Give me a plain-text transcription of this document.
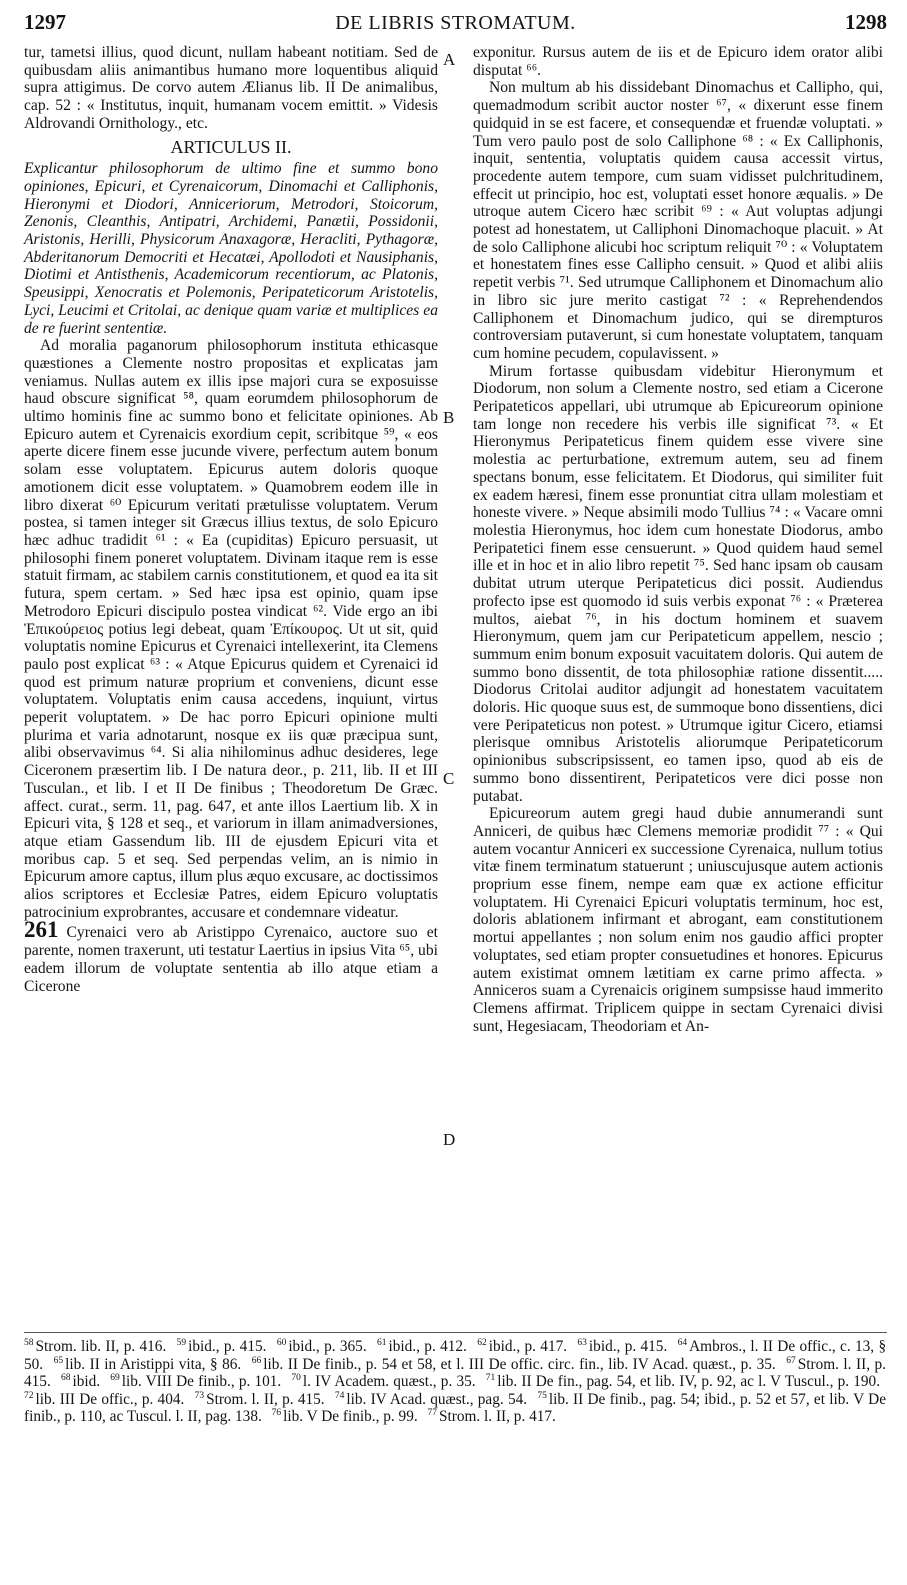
1297	DE LIBRIS STROMATUM.	1298

tur, tametsi illius, quod dicunt, nullam habeant notitiam. Sed de quibusdam aliis animantibus humano more loquentibus aliquid supra attigimus. De corvo autem Ælianus lib. II De animalibus, cap. 52 : « Institutus, inquit, humanam vocem emittit. » Videsis Aldrovandi Ornithology., etc.

ARTICULUS II.

Explicantur philosophorum de ultimo fine et summo bono opiniones, Epicuri, et Cyrenaicorum, Dinomachi et Calliphonis, Hieronymi et Diodori, Anniceriorum, Metrodori, Stoicorum, Zenonis, Cleanthis, Antipatri, Archidemi, Panætii, Possidonii, Aristonis, Herilli, Physicorum Anaxagoræ, Heracliti, Pythagoræ, Abderitanorum Democriti et Hecatæi, Apollodoti et Nausiphanis, Diotimi et Antisthenis, Academicorum recentiorum, ac Platonis, Speusippi, Xenocratis et Polemonis, Peripateticorum Aristotelis, Lyci, Leucimi et Critolai, ac denique quam variæ et multiplices ea de re fuerint sententiæ.

Ad moralia paganorum philosophorum instituta ethicasque quæstiones a Clemente nostro propositas et explicatas jam veniamus. Nullas autem ex illis ipse majori cura se exposuisse haud obscure significat ⁵⁸, quam eorumdem philosophorum de ultimo hominis fine ac summo bono et felicitate opiniones. Ab Epicuro autem et Cyrenaicis exordium cepit, scribitque ⁵⁹, « eos aperte dicere finem esse jucunde vivere, perfectum autem bonum solam esse voluptatem. Epicurus autem doloris quoque amotionem dicit esse voluptatem. » Quamobrem eodem ille in libro dixerat ⁶⁰ Epicurum veritati prætulisse voluptatem. Verum postea, si tamen integer sit Græcus illius textus, de solo Epicuro hæc adhuc tradidit ⁶¹ : « Ea (cupiditas) Epicuro persuasit, ut philosophi finem poneret voluptatem. Divinam itaque rem is esse statuit firmam, ac stabilem carnis constitutionem, et quod ea ita sit futura, spem certam. » Sed hæc ipsa est opinio, quam ipse Metrodoro Epicuri discipulo postea vindicat ⁶². Vide ergo an ibi Ἐπικούρειος potius legi debeat, quam Ἐπίκουρος. Ut ut sit, quid voluptatis nomine Epicurus et Cyrenaici intellexerint, ita Clemens paulo post explicat ⁶³ : « Atque Epicurus quidem et Cyrenaici id quod est primum naturæ proprium et conveniens, dicunt esse voluptatem. Voluptatis enim causa accedens, inquiunt, virtus peperit voluptatem. » De hac porro Epicuri opinione multi plurima et varia adnotarunt, nosque ex iis quæ præcipua sunt, alibi observavimus ⁶⁴. Si alia nihilominus adhuc desideres, lege Ciceronem præsertim lib. I De natura deor., p. 211, lib. II et III Tusculan., et lib. I et II De finibus ; Theodoretum De Græc. affect. curat., serm. 11, pag. 647, et ante illos Laertium lib. X in Epicuri vita, § 128 et seq., et variorum in illam animadversiones, atque etiam Gassendum lib. III de ejusdem Epicuri vita et moribus cap. 5 et seq. Sed perpendas velim, an is nimio in Epicurum amore captus, illum plus æquo excusare, ac doctissimos alios scriptores et Ecclesiæ Patres, eidem Epicuro voluptatis patrocinium exprobrantes, accusare et condemnare videatur.

261 Cyrenaici vero ab Aristippo Cyrenaico, auctore suo et parente, nomen traxerunt, uti testatur Laertius in ipsius Vita ⁶⁵, ubi eadem illorum de voluptate sententia ab illo atque etiam a Cicerone

exponitur. Rursus autem de iis et de Epicuro idem orator alibi disputat ⁶⁶.

Non multum ab his dissidebant Dinomachus et Callipho, qui, quemadmodum scribit auctor noster ⁶⁷, « dixerunt esse finem quidquid in se est facere, et consequendæ et fruendæ voluptati. » Tum vero paulo post de solo Calliphone ⁶⁸ : « Ex Calliphonis, inquit, sententia, voluptatis quidem causa accessit virtus, procedente autem tempore, cum suam vidisset pulchritudinem, effecit ut principio, hoc est, voluptati esset honore æqualis. » De utroque autem Cicero hæc scribit ⁶⁹ : « Aut voluptas adjungi potest ad honestatem, ut Calliphoni Dinomachoque placuit. » At de solo Calliphone alicubi hoc scriptum reliquit ⁷⁰ : « Voluptatem et honestatem fines esse Callipho censuit. » Quod et alibi aliis repetit verbis ⁷¹. Sed utrumque Calliphonem et Dinomachum alio in libro sic jure merito castigat ⁷² : « Reprehendendos Calliphonem et Dinomachum judico, qui se dirempturos controversiam putaverunt, si cum honestate voluptatem, tanquam cum homine pecudem, copulavissent. »

Mirum fortasse quibusdam videbitur Hieronymum et Diodorum, non solum a Clemente nostro, sed etiam a Cicerone Peripateticos appellari, ubi utrumque ab Epicureorum opinione tam longe non recedere his verbis ille significat ⁷³. « Et Hieronymus Peripateticus finem quidem esse vivere sine molestia ac perturbatione, extremum autem, seu ad finem spectans bonum, esse felicitatem. Et Diodorus, qui similiter fuit ex eadem hæresi, finem esse pronuntiat citra ullam molestiam et honeste vivere. » Neque absimili modo Tullius ⁷⁴ : « Vacare omni molestia Hieronymus, hoc idem cum honestate Diodorus, ambo Peripatetici finem esse censuerunt. » Quod quidem haud semel ille et in hoc et in alio libro repetit ⁷⁵. Sed hanc ipsam ob causam dubitat utrum uterque Peripateticus dici possit. Audiendus profecto ipse est quomodo id suis verbis exponat ⁷⁶ : « Præterea multos, aiebat ⁷⁶, in his doctum hominem et suavem Hieronymum, quem jam cur Peripateticum appellem, nescio ; summum enim bonum exposuit vacuitatem doloris. Qui autem de summo bono dissentit, de tota philosophiæ ratione dissentit..... Diodorus Critolai auditor adjungit ad honestatem vacuitatem doloris. Hic quoque suus est, de summoque bono dissentiens, dici vere Peripateticus non potest. » Utrumque igitur Cicero, etiamsi plerisque omnibus Aristotelis aliorumque Peripateticorum opinionibus subscripsissent, eo tamen ipso, quod ab eis de summo bono dissentirent, Peripateticos vere dici posse non putabat.

Epicureorum autem gregi haud dubie annumerandi sunt Anniceri, de quibus hæc Clemens memoriæ prodidit ⁷⁷ : « Qui autem vocantur Anniceri ex successione Cyrenaica, nullum totius vitæ finem terminatum statuerunt ; uniuscujusque autem actionis proprium esse finem, nempe eam quæ ex actione efficitur voluptatem. Hi Cyrenaici Epicuri voluptatis terminum, hoc est, doloris ablationem infirmant et abrogant, eam constitutionem mortui appellantes ; non solum enim nos gaudio affici propter voluptates, sed etiam propter consuetudines et honores. Epicurus autem existimat omnem lætitiam ex carne primo affecta. » Anniceros suam a Cyrenaicis originem sumpsisse haud immerito Clemens affirmat. Triplicem quippe in sectam Cyrenaici divisi sunt, Hegesiacam, Theodoriam et An-

A
B
C
D
$^{58}$ Strom. lib. II, p. 416. $^{59}$ ibid., p. 415. $^{60}$ ibid., p. 365. $^{61}$ ibid., p. 412. $^{62}$ ibid., p. 417. $^{63}$ ibid., p. 415. $^{64}$ Ambros., l. II De offic., c. 13, § 50. $^{65}$ lib. II in Aristippi vita, § 86. $^{66}$ lib. II De finib., p. 54 et 58, et l. III De offic. circ. fin., lib. IV Acad. quæst., p. 35. $^{67}$ Strom. l. II, p. 415. $^{68}$ ibid. $^{69}$ lib. VIII De finib., p. 101. $^{70}$ l. IV Academ. quæst., p. 35. $^{71}$ lib. II De fin., pag. 54, et lib. IV, p. 92, ac l. V Tuscul., p. 190. $^{72}$ lib. III De offic., p. 404. $^{73}$ Strom. l. II, p. 415. $^{74}$ lib. IV Acad. quæst., pag. 54. $^{75}$ lib. II De finib., pag. 54; ibid., p. 52 et 57, et lib. V De finib., p. 110, ac Tuscul. l. II, pag. 138. $^{76}$ lib. V De finib., p. 99. $^{77}$ Strom. l. II, p. 417.
